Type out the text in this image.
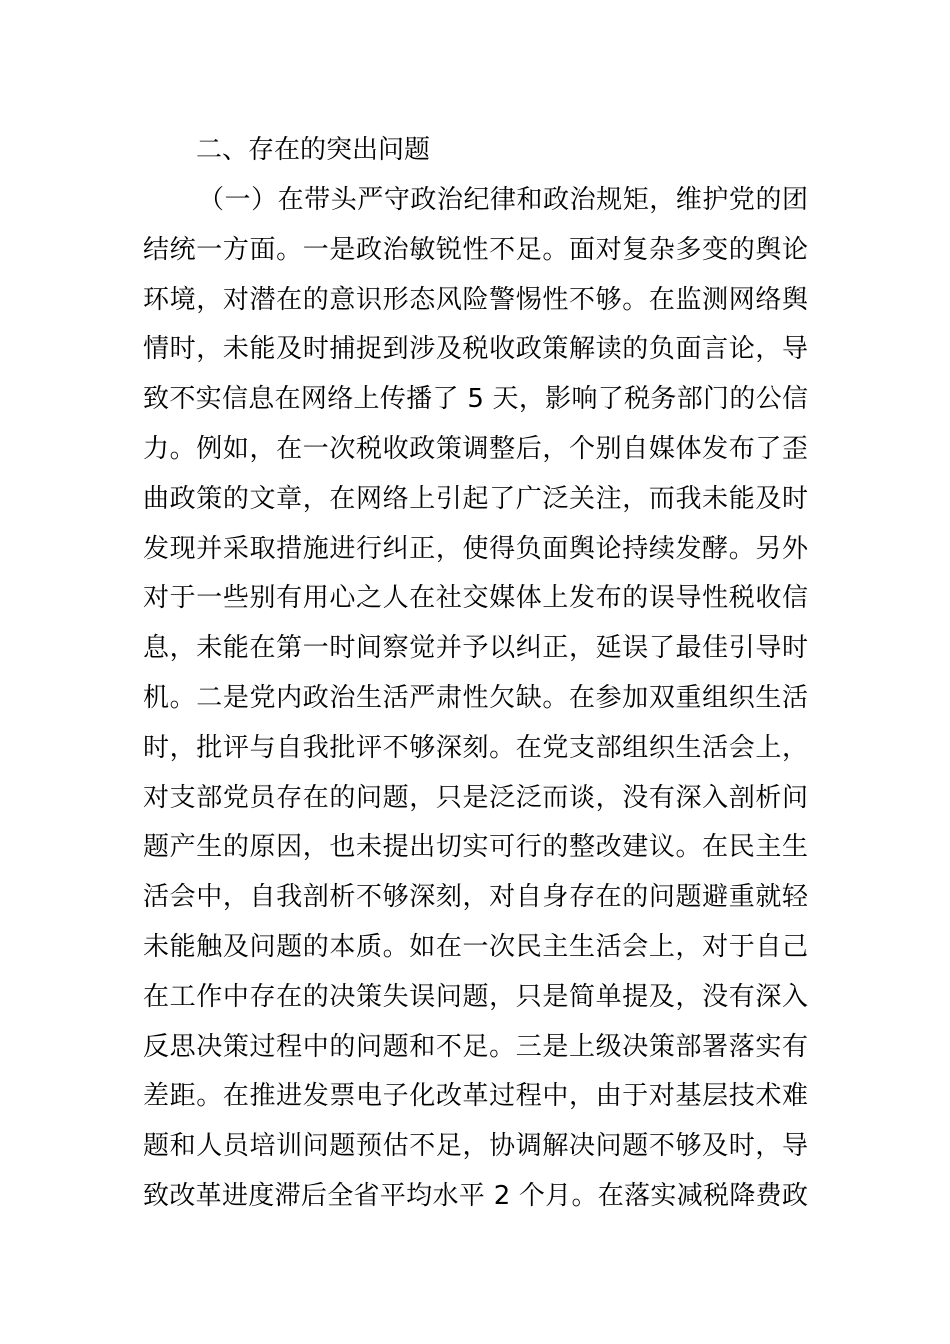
二、存在的突出问题
（一）在带头严守政治纪律和政治规矩，维护党的团
结统一方面。一是政治敏锐性不足。面对复杂多变的舆论
环境，对潜在的意识形态风险警惕性不够。在监测网络舆
情时，未能及时捕捉到涉及税收政策解读的负面言论，导
致不实信息在网络上传播了 5 天，影响了税务部门的公信
力。例如，在一次税收政策调整后，个别自媒体发布了歪
曲政策的文章，在网络上引起了广泛关注，而我未能及时
发现并采取措施进行纠正，使得负面舆论持续发酵。另外
对于一些别有用心之人在社交媒体上发布的误导性税收信
息，未能在第一时间察觉并予以纠正，延误了最佳引导时
机。二是党内政治生活严肃性欠缺。在参加双重组织生活
时，批评与自我批评不够深刻。在党支部组织生活会上，
对支部党员存在的问题，只是泛泛而谈，没有深入剖析问
题产生的原因，也未提出切实可行的整改建议。在民主生
活会中，自我剖析不够深刻，对自身存在的问题避重就轻
未能触及问题的本质。如在一次民主生活会上，对于自己
在工作中存在的决策失误问题，只是简单提及，没有深入
反思决策过程中的问题和不足。三是上级决策部署落实有
差距。在推进发票电子化改革过程中，由于对基层技术难
题和人员培训问题预估不足，协调解决问题不够及时，导
致改革进度滞后全省平均水平 2 个月。在落实减税降费政
